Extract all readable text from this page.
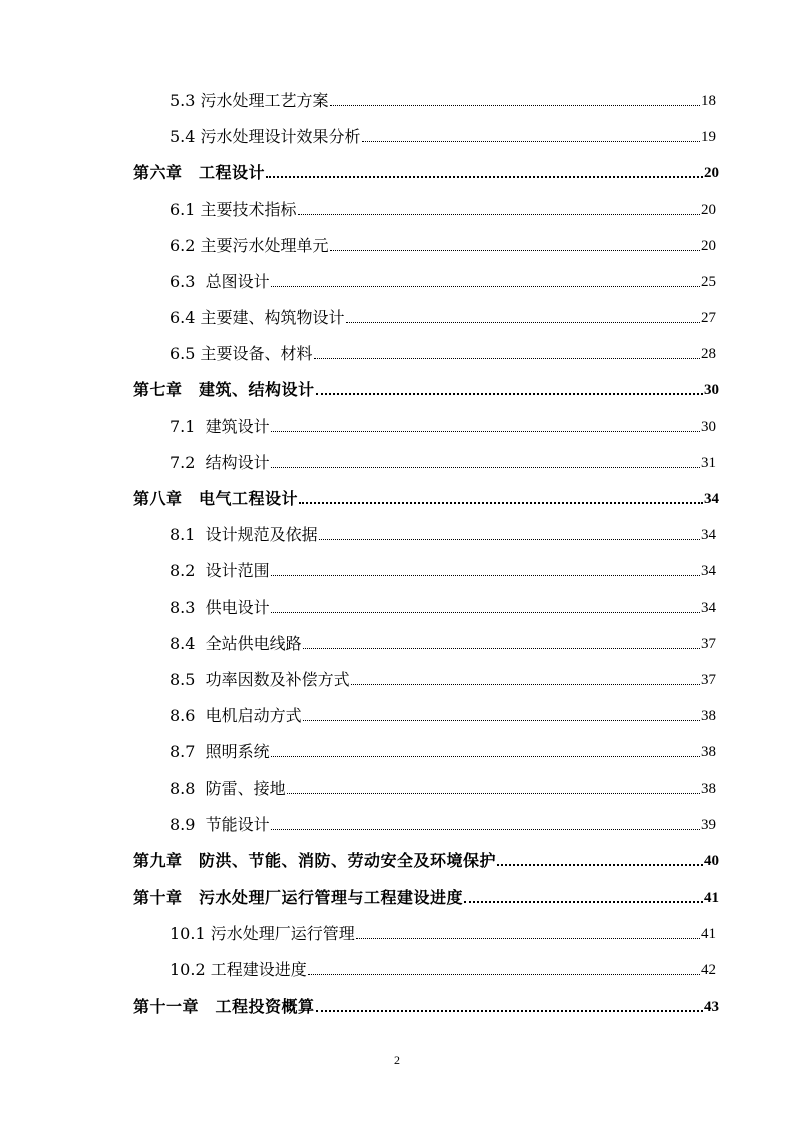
5.3 污水处理工艺方案	18
5.4 污水处理设计效果分析	19
第六章　工程设计	20
6.1 主要技术指标	20
6.2 主要污水处理单元	20
6.3  总图设计	25
6.4 主要建、构筑物设计	27
6.5 主要设备、材料	28
第七章　建筑、结构设计	30
7.1  建筑设计	30
7.2  结构设计	31
第八章　电气工程设计	34
8.1  设计规范及依据	34
8.2  设计范围	34
8.3  供电设计	34
8.4  全站供电线路	37
8.5  功率因数及补偿方式	37
8.6  电机启动方式	38
8.7  照明系统	38
8.8  防雷、接地	38
8.9  节能设计	39
第九章　防洪、节能、消防、劳动安全及环境保护	40
第十章　污水处理厂运行管理与工程建设进度	41
10.1 污水处理厂运行管理	41
10.2 工程建设进度	42
第十一章　工程投资概算	43
2
